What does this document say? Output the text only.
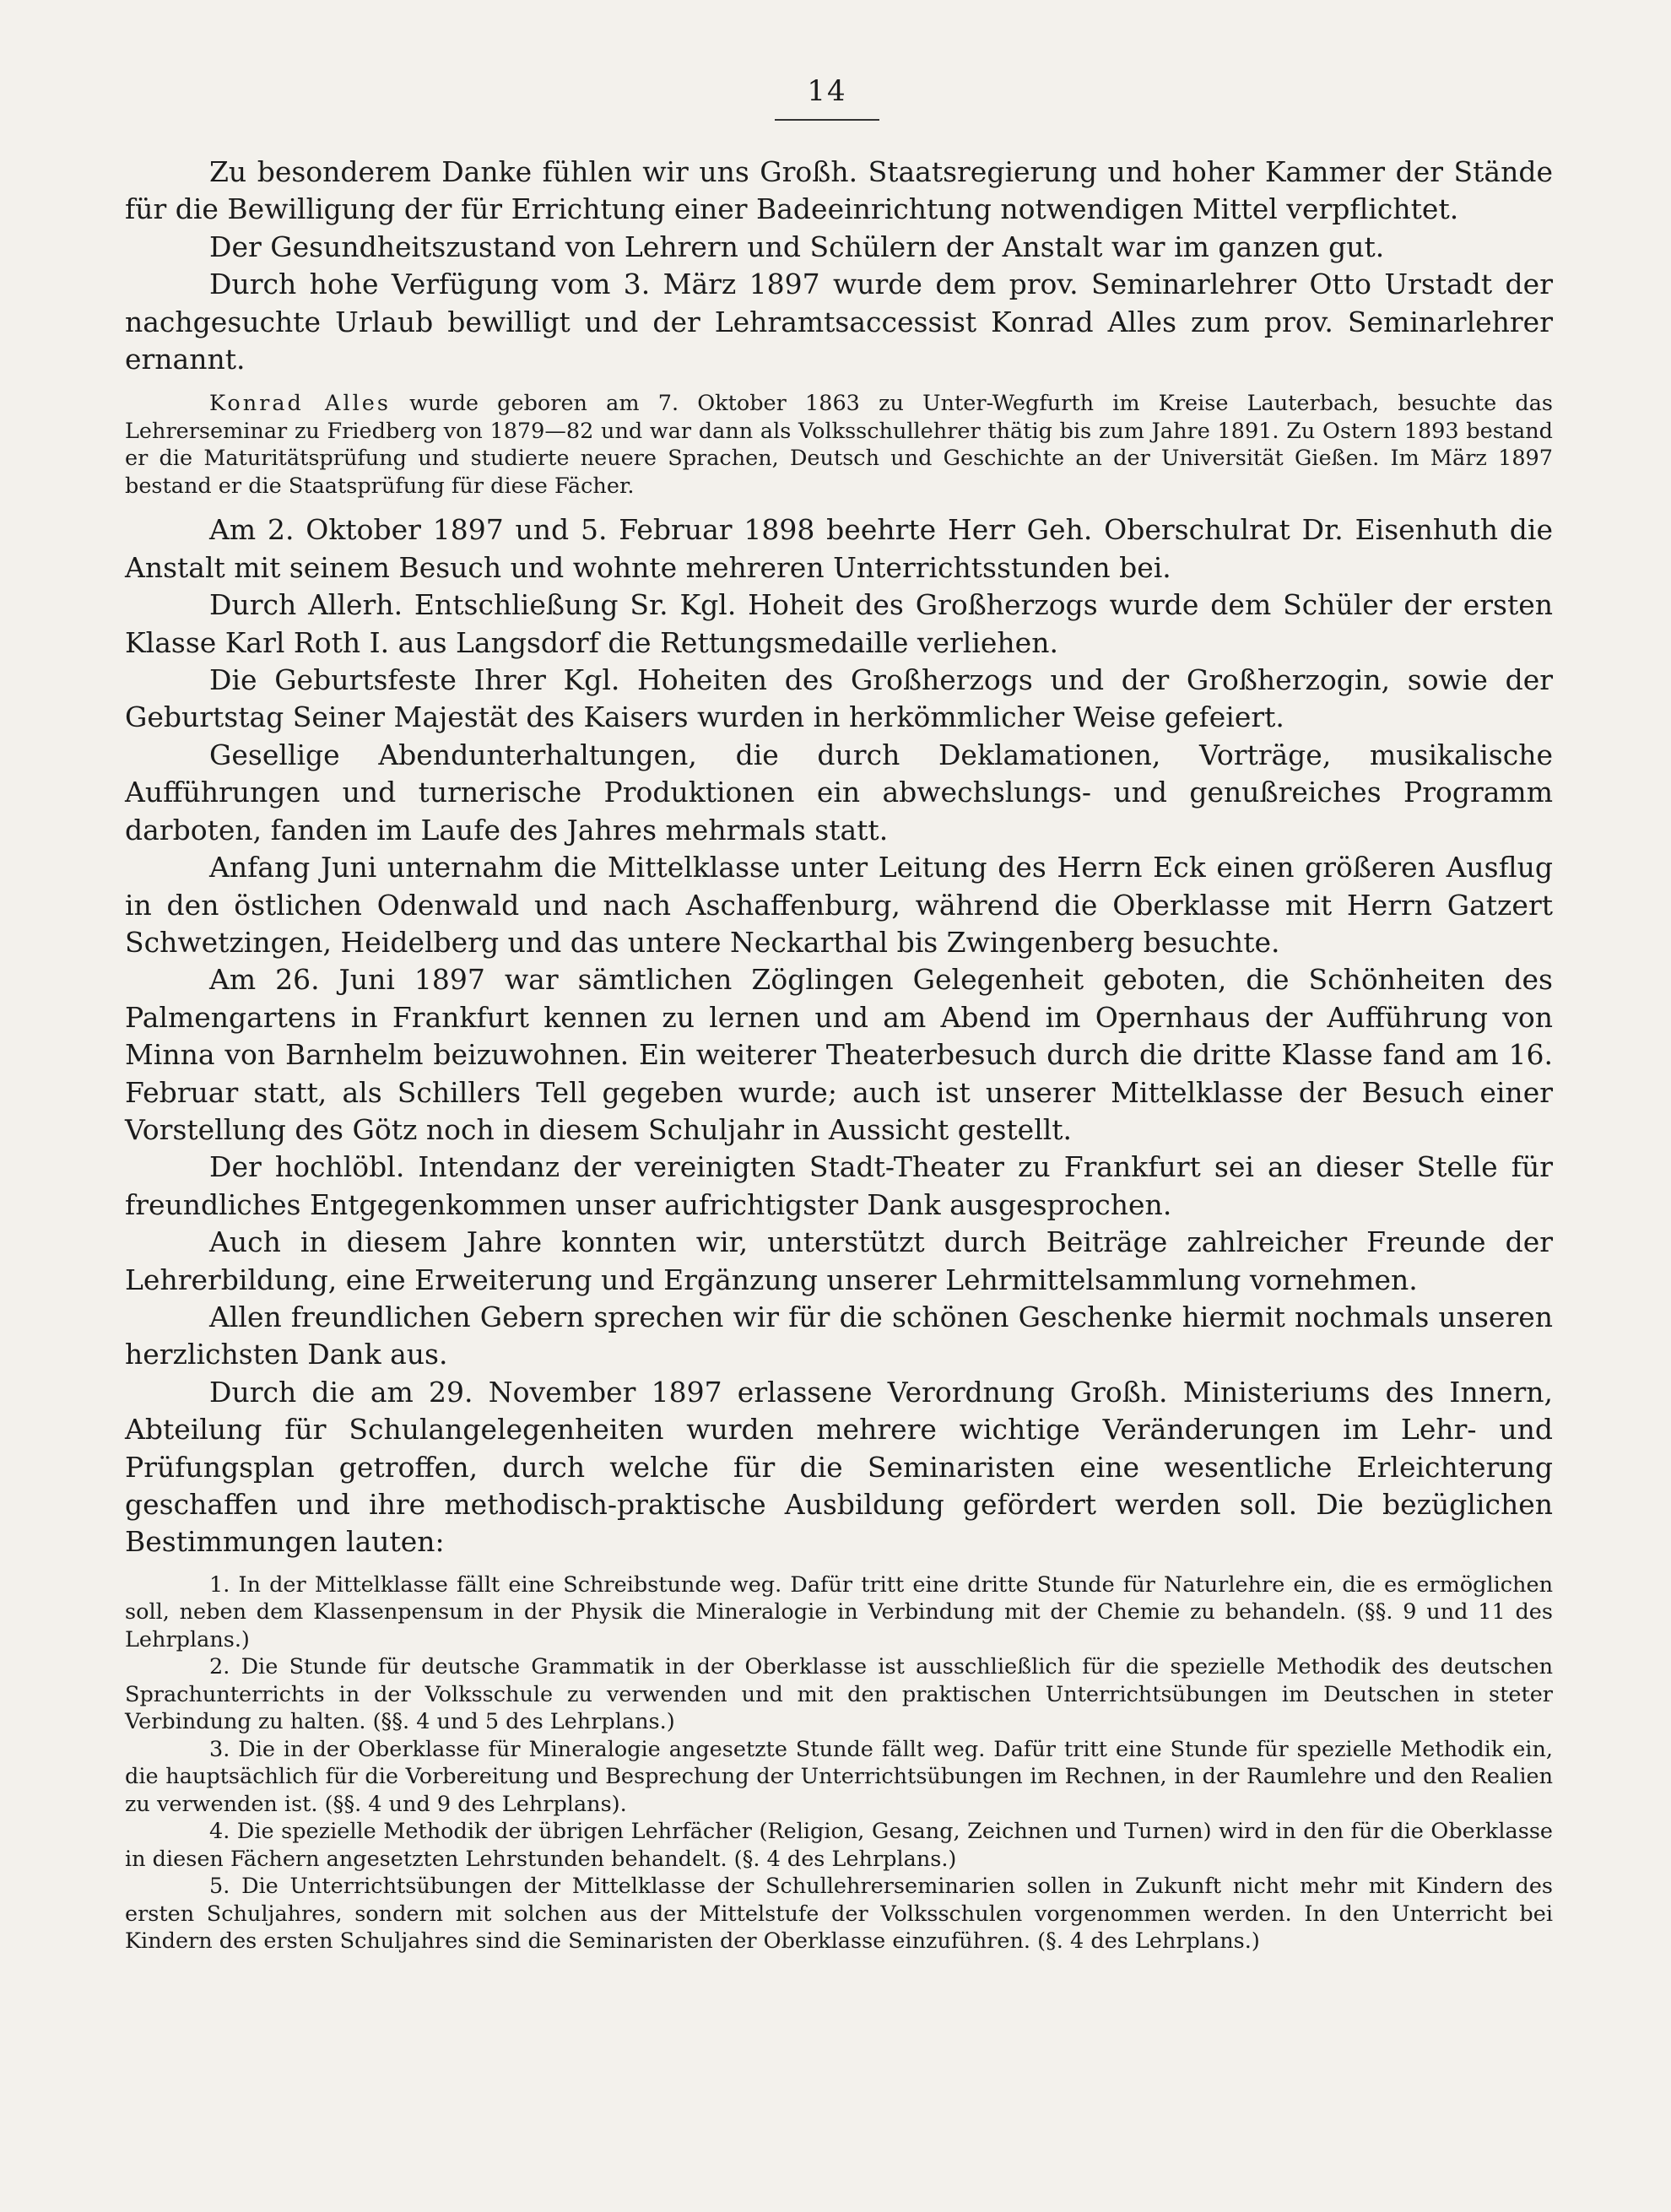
14

Zu besonderem Danke fühlen wir uns Großh. Staatsregierung und hoher Kammer der Stände für die Bewilligung der für Errichtung einer Badeeinrichtung notwendigen Mittel verpflichtet.

Der Gesundheitszustand von Lehrern und Schülern der Anstalt war im ganzen gut.

Durch hohe Verfügung vom 3. März 1897 wurde dem prov. Seminarlehrer Otto Urstadt der nachgesuchte Urlaub bewilligt und der Lehramtsaccessist Konrad Alles zum prov. Seminarlehrer ernannt.

Konrad Alles wurde geboren am 7. Oktober 1863 zu Unter-Wegfurth im Kreise Lauterbach, besuchte das Lehrerseminar zu Friedberg von 1879—82 und war dann als Volksschullehrer thätig bis zum Jahre 1891. Zu Ostern 1893 bestand er die Maturitätsprüfung und studierte neuere Sprachen, Deutsch und Geschichte an der Universität Gießen. Im März 1897 bestand er die Staatsprüfung für diese Fächer.

Am 2. Oktober 1897 und 5. Februar 1898 beehrte Herr Geh. Oberschulrat Dr. Eisenhuth die Anstalt mit seinem Besuch und wohnte mehreren Unterrichtsstunden bei.

Durch Allerh. Entschließung Sr. Kgl. Hoheit des Großherzogs wurde dem Schüler der ersten Klasse Karl Roth I. aus Langsdorf die Rettungsmedaille verliehen.

Die Geburtsfeste Ihrer Kgl. Hoheiten des Großherzogs und der Großherzogin, sowie der Geburtstag Seiner Majestät des Kaisers wurden in herkömmlicher Weise gefeiert.

Gesellige Abendunterhaltungen, die durch Deklamationen, Vorträge, musikalische Aufführungen und turnerische Produktionen ein abwechslungs- und genußreiches Programm darboten, fanden im Laufe des Jahres mehrmals statt.

Anfang Juni unternahm die Mittelklasse unter Leitung des Herrn Eck einen größeren Ausflug in den östlichen Odenwald und nach Aschaffenburg, während die Oberklasse mit Herrn Gatzert Schwetzingen, Heidelberg und das untere Neckarthal bis Zwingenberg besuchte.

Am 26. Juni 1897 war sämtlichen Zöglingen Gelegenheit geboten, die Schönheiten des Palmengartens in Frankfurt kennen zu lernen und am Abend im Opernhaus der Aufführung von Minna von Barnhelm beizuwohnen. Ein weiterer Theaterbesuch durch die dritte Klasse fand am 16. Februar statt, als Schillers Tell gegeben wurde; auch ist unserer Mittelklasse der Besuch einer Vorstellung des Götz noch in diesem Schuljahr in Aussicht gestellt.

Der hochlöbl. Intendanz der vereinigten Stadt-Theater zu Frankfurt sei an dieser Stelle für freundliches Entgegenkommen unser aufrichtigster Dank ausgesprochen.

Auch in diesem Jahre konnten wir, unterstützt durch Beiträge zahlreicher Freunde der Lehrerbildung, eine Erweiterung und Ergänzung unserer Lehrmittelsammlung vornehmen.

Allen freundlichen Gebern sprechen wir für die schönen Geschenke hiermit nochmals unseren herzlichsten Dank aus.

Durch die am 29. November 1897 erlassene Verordnung Großh. Ministeriums des Innern, Abteilung für Schulangelegenheiten wurden mehrere wichtige Veränderungen im Lehr- und Prüfungsplan getroffen, durch welche für die Seminaristen eine wesentliche Erleichterung geschaffen und ihre methodisch-praktische Ausbildung gefördert werden soll. Die bezüglichen Bestimmungen lauten:

1. In der Mittelklasse fällt eine Schreibstunde weg. Dafür tritt eine dritte Stunde für Naturlehre ein, die es ermöglichen soll, neben dem Klassenpensum in der Physik die Mineralogie in Verbindung mit der Chemie zu behandeln. (§§. 9 und 11 des Lehrplans.)

2. Die Stunde für deutsche Grammatik in der Oberklasse ist ausschließlich für die spezielle Methodik des deutschen Sprachunterrichts in der Volksschule zu verwenden und mit den praktischen Unterrichtsübungen im Deutschen in steter Verbindung zu halten. (§§. 4 und 5 des Lehrplans.)

3. Die in der Oberklasse für Mineralogie angesetzte Stunde fällt weg. Dafür tritt eine Stunde für spezielle Methodik ein, die hauptsächlich für die Vorbereitung und Besprechung der Unterrichtsübungen im Rechnen, in der Raumlehre und den Realien zu verwenden ist. (§§. 4 und 9 des Lehrplans).

4. Die spezielle Methodik der übrigen Lehrfächer (Religion, Gesang, Zeichnen und Turnen) wird in den für die Oberklasse in diesen Fächern angesetzten Lehrstunden behandelt. (§. 4 des Lehrplans.)

5. Die Unterrichtsübungen der Mittelklasse der Schullehrerseminarien sollen in Zukunft nicht mehr mit Kindern des ersten Schuljahres, sondern mit solchen aus der Mittelstufe der Volksschulen vorgenommen werden. In den Unterricht bei Kindern des ersten Schuljahres sind die Seminaristen der Oberklasse einzuführen. (§. 4 des Lehrplans.)
